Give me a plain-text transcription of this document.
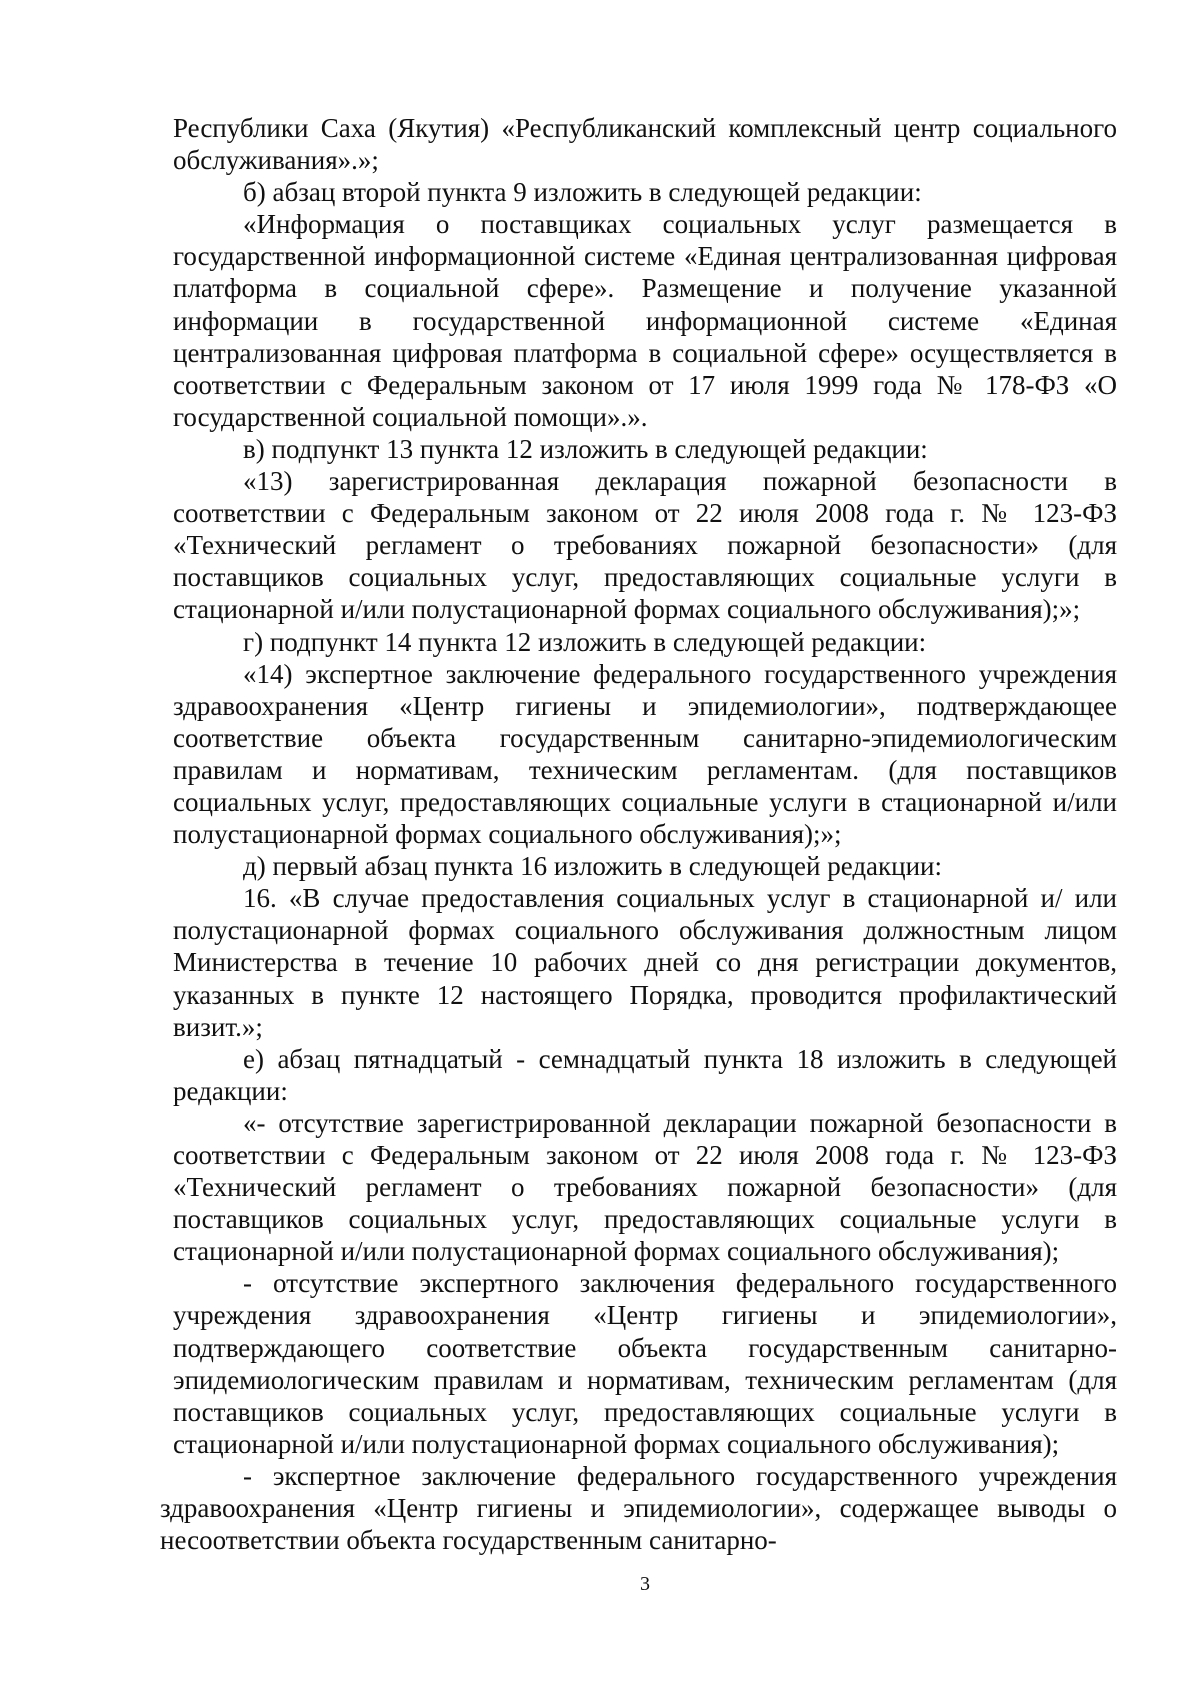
Республики Саха (Якутия) «Республиканский комплексный центр социального обслуживания».»;

б) абзац второй пункта 9 изложить в следующей редакции:

«Информация о поставщиках социальных услуг размещается в государственной информационной системе «Единая централизованная цифровая платформа в социальной сфере». Размещение и получение указанной информации в государственной информационной системе «Единая централизованная цифровая платформа в социальной сфере» осуществляется в соответствии с Федеральным законом от 17 июля 1999 года № 178-ФЗ «О государственной социальной помощи».».

в) подпункт 13 пункта 12 изложить в следующей редакции:

«13) зарегистрированная декларация пожарной безопасности в соответствии с Федеральным законом от 22 июля 2008 года г. № 123-ФЗ «Технический регламент о требованиях пожарной безопасности» (для поставщиков социальных услуг, предоставляющих социальные услуги в стационарной и/или полустационарной формах социального обслуживания);»;

г) подпункт 14 пункта 12 изложить в следующей редакции:

«14) экспертное заключение федерального государственного учреждения здравоохранения «Центр гигиены и эпидемиологии», подтверждающее соответствие объекта государственным санитарно-эпидемиологическим правилам и нормативам, техническим регламентам. (для поставщиков социальных услуг, предоставляющих социальные услуги в стационарной и/или полустационарной формах социального обслуживания);»;

д) первый абзац пункта 16 изложить в следующей редакции:

16. «В случае предоставления социальных услуг в стационарной и/ или полустационарной формах социального обслуживания должностным лицом Министерства в течение 10 рабочих дней со дня регистрации документов, указанных в пункте 12 настоящего Порядка, проводится профилактический визит.»;

е) абзац пятнадцатый - семнадцатый пункта 18 изложить в следующей редакции:

«- отсутствие зарегистрированной декларации пожарной безопасности в соответствии с Федеральным законом от 22 июля 2008 года г. № 123-ФЗ «Технический регламент о требованиях пожарной безопасности» (для поставщиков социальных услуг, предоставляющих социальные услуги в стационарной и/или полустационарной формах социального обслуживания);

- отсутствие экспертного заключения федерального государственного учреждения здравоохранения «Центр гигиены и эпидемиологии», подтверждающего соответствие объекта государственным санитарно-эпидемиологическим правилам и нормативам, техническим регламентам (для поставщиков социальных услуг, предоставляющих социальные услуги в стационарной и/или полустационарной формах социального обслуживания);

- экспертное заключение федерального государственного учреждения здравоохранения «Центр гигиены и эпидемиологии», содержащее выводы о несоответствии объекта государственным санитарно-

3
